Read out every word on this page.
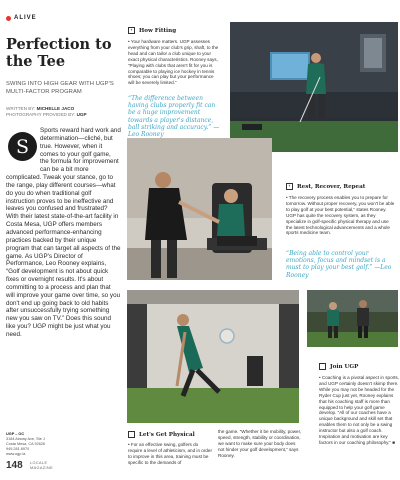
ALIVE
Perfection to the Tee
SWING INTO HIGH GEAR WITH UGP'S MULTI-FACTOR PROGRAM
WRITTEN BY: MICHELLE JACO
PHOTOGRAPHY PROVIDED BY: UGP
S
Sports reward hard work and determination—cliché, but true. However, when it comes to your golf game, the formula for improvement can be a bit more complicated. Tweak your stance, go to the range, play different courses—what do you do when traditional golf instruction proves to be ineffective and leaves you confused and frustrated? With their latest state-of-the-art facility in Costa Mesa, UGP offers members advanced performance-enhancing practices backed by their unique program that can target all aspects of the game. As UGP's Director of Performance, Leo Rooney explains, “Golf development is not about quick fixes or overnight results. It's about committing to a process and plan that will improve your game over time, so you don't end up going back to old habits after unsuccessfully trying something new you saw on TV.” Does this sound like you? UGP might be just what you need.
UGP – OC
3184 Airway Ave, Ste J
Costa Mesa, CA 92626
949.281.8970
www.ugp.la
148 LOCALE
MAGAZINE
‹	How Fitting
• Your hardware matters. UGP assesses everything from your club's grip, shaft, to the head and can tailor a club unique to your exact physical characteristics. Rooney says, “Playing with clubs that aren't fit for you is comparable to playing ice hockey in tennis shoes; you can play but your performance will be severely limited.”
“The difference between having clubs properly fit can be a huge improvement towards a player's distance, ball striking and accuracy.” —Leo Rooney
‹	Rest, Recover, Repeat
• The recovery process enables you to prepare for tomorrow. Without proper recovery, you won't be able to play golf at your best potential,” states Rooney. UGP has quite the recovery system, as they specialize in golf-specific physical therapy and use the latest technological advancements and a whole sports medicine team.
“Being able to control your emotions, focus and mindset is a must to play your best golf.” —Leo Rooney
ˆ	Let's Get Physical
• For an effective swing, golfers do require a level of athleticism, and in order to improve in this area, training must be specific to the demands of
the game. “Whether it be mobility, power, speed, strength, stability or coordination, we want to make sure your body does not hinder your golf development,” says Rooney.
ˆ	Join UGP
• Coaching is a pivotal aspect in sports, and UGP certainly doesn't skimp there. While you may not be headed for the Ryder Cup just yet, Rooney explains that his coaching staff is more than equipped to help your golf game develop. “All of our coaches have a unique background and skill set that enables them to not only be a swing instructor but also a golf coach. Inspiration and motivation are key factors in our coaching philosophy.” ■
